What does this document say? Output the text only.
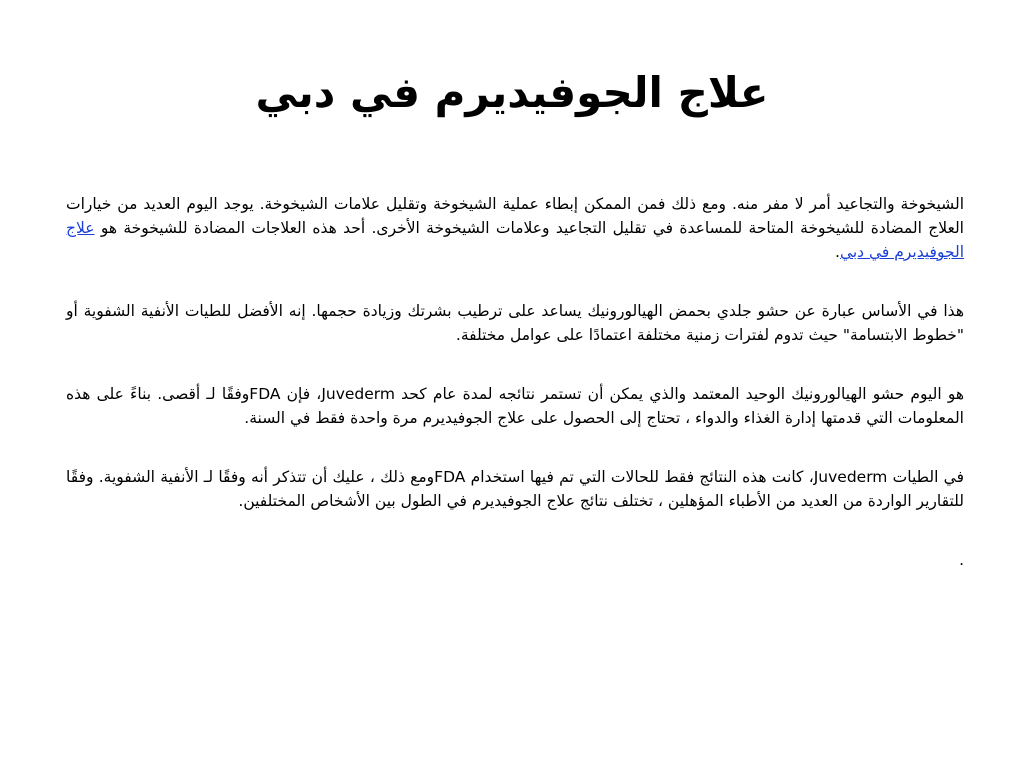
علاج الجوفيديرم في دبي

الشيخوخة والتجاعيد أمر لا مفر منه. ومع ذلك فمن الممكن إبطاء عملية الشيخوخة وتقليل علامات الشيخوخة. يوجد اليوم العديد من خيارات العلاج المضادة للشيخوخة المتاحة للمساعدة في تقليل التجاعيد وعلامات الشيخوخة الأخرى. أحد هذه العلاجات المضادة للشيخوخة هو علاج الجوفيديرم في دبي.

هذا في الأساس عبارة عن حشو جلدي بحمض الهيالورونيك يساعد على ترطيب بشرتك وزيادة حجمها. إنه الأفضل للطيات الأنفية الشفوية أو "خطوط الابتسامة" حيث تدوم لفترات زمنية مختلفة اعتمادًا على عوامل مختلفة.

هو اليوم حشو الهيالورونيك الوحيد المعتمد والذي يمكن أن تستمر نتائجه لمدة عام كحد Juvederm، فإن FDAوفقًا لـ أقصى. بناءً على هذه المعلومات التي قدمتها إدارة الغذاء والدواء ، تحتاج إلى الحصول على علاج الجوفيديرم مرة واحدة فقط في السنة.

في الطيات Juvederm، كانت هذه النتائج فقط للحالات التي تم فيها استخدام FDAومع ذلك ، عليك أن تتذكر أنه وفقًا لـ الأنفية الشفوية. وفقًا للتقارير الواردة من العديد من الأطباء المؤهلين ، تختلف نتائج علاج الجوفيديرم في الطول بين الأشخاص المختلفين.

.
